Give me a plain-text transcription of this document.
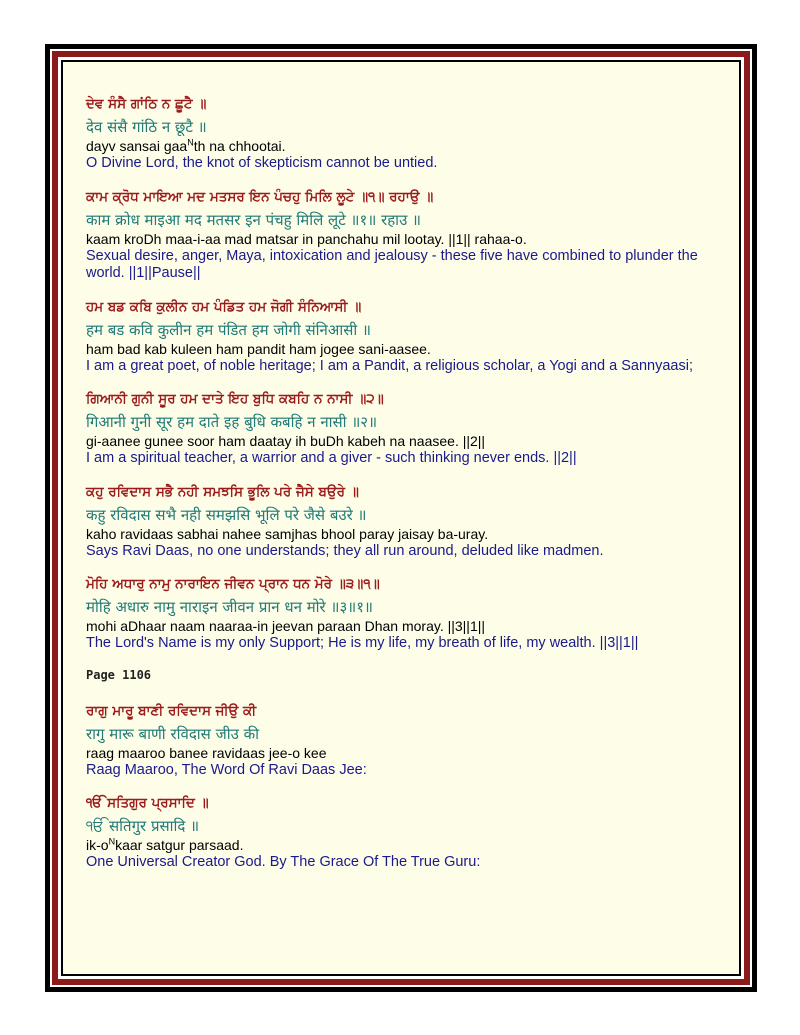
ਦੇਵ ਸੰਸੈ ਗਾਂਠਿ ਨ ਛੂਟੈ ॥
देव संसै गांठि न छूटै ॥
dayv sansai gaa$^N$th na chhootai.
O Divine Lord, the knot of skepticism cannot be untied.
ਕਾਮ ਕ੍ਰੋਧ ਮਾਇਆ ਮਦ ਮਤਸਰ ਇਨ ਪੰਚਹੁ ਮਿਲਿ ਲੂਟੇ ॥੧॥ ਰਹਾਉ ॥
काम क्रोध माइआ मद मतसर इन पंचहु मिलि लूटे ॥१॥ रहाउ ॥
kaam kroDh maa-i-aa mad matsar in panchahu mil lootay. ||1|| rahaa-o.
Sexual desire, anger, Maya, intoxication and jealousy - these five have combined to plunder the world. ||1||Pause||
ਹਮ ਬਡ ਕਬਿ ਕੁਲੀਨ ਹਮ ਪੰਡਿਤ ਹਮ ਜੋਗੀ ਸੰਨਿਆਸੀ ॥
हम बड कवि कुलीन हम पंडित हम जोगी संनिआसी ॥
ham bad kab kuleen ham pandit ham jogee sani-aasee.
I am a great poet, of noble heritage; I am a Pandit, a religious scholar, a Yogi and a Sannyaasi;
ਗਿਆਨੀ ਗੁਨੀ ਸੂਰ ਹਮ ਦਾਤੇ ਇਹ ਬੁਧਿ ਕਬਹਿ ਨ ਨਾਸੀ ॥੨॥
गिआनी गुनी सूर हम दाते इह बुधि कबहि न नासी ॥२॥
gi-aanee gunee soor ham daatay ih buDh kabeh na naasee. ||2||
I am a spiritual teacher, a warrior and a giver - such thinking never ends. ||2||
ਕਹੁ ਰਵਿਦਾਸ ਸਭੈ ਨਹੀ ਸਮਝਸਿ ਭੂਲਿ ਪਰੇ ਜੈਸੇ ਬਉਰੇ ॥
कहु रविदास सभै नही समझसि भूलि परे जैसे बउरे ॥
kaho ravidaas sabhai nahee samjhas bhool paray jaisay ba-uray.
Says Ravi Daas, no one understands; they all run around, deluded like madmen.
ਮੋਹਿ ਅਧਾਰੁ ਨਾਮੁ ਨਾਰਾਇਨ ਜੀਵਨ ਪ੍ਰਾਨ ਧਨ ਮੋਰੇ ॥੩॥੧॥
मोहि अधारु नामु नाराइन जीवन प्रान धन मोरे ॥३॥१॥
mohi aDhaar naam naaraa-in jeevan paraan Dhan moray. ||3||1||
The Lord's Name is my only Support; He is my life, my breath of life, my wealth. ||3||1||
Page 1106
ਰਾਗੁ ਮਾਰੂ ਬਾਣੀ ਰਵਿਦਾਸ ਜੀਉ ਕੀ
रागु मारू बाणी रविदास जीउ की
raag maaroo banee ravidaas jee-o kee
Raag Maaroo, The Word Of Ravi Daas Jee:
ੴ ਸਤਿਗੁਰ ਪ੍ਰਸਾਦਿ ॥
ੴ सतिगुर प्रसादि ॥
$ik-o^Nkaar$ satgur parsaad.
One Universal Creator God. By The Grace Of The True Guru:
